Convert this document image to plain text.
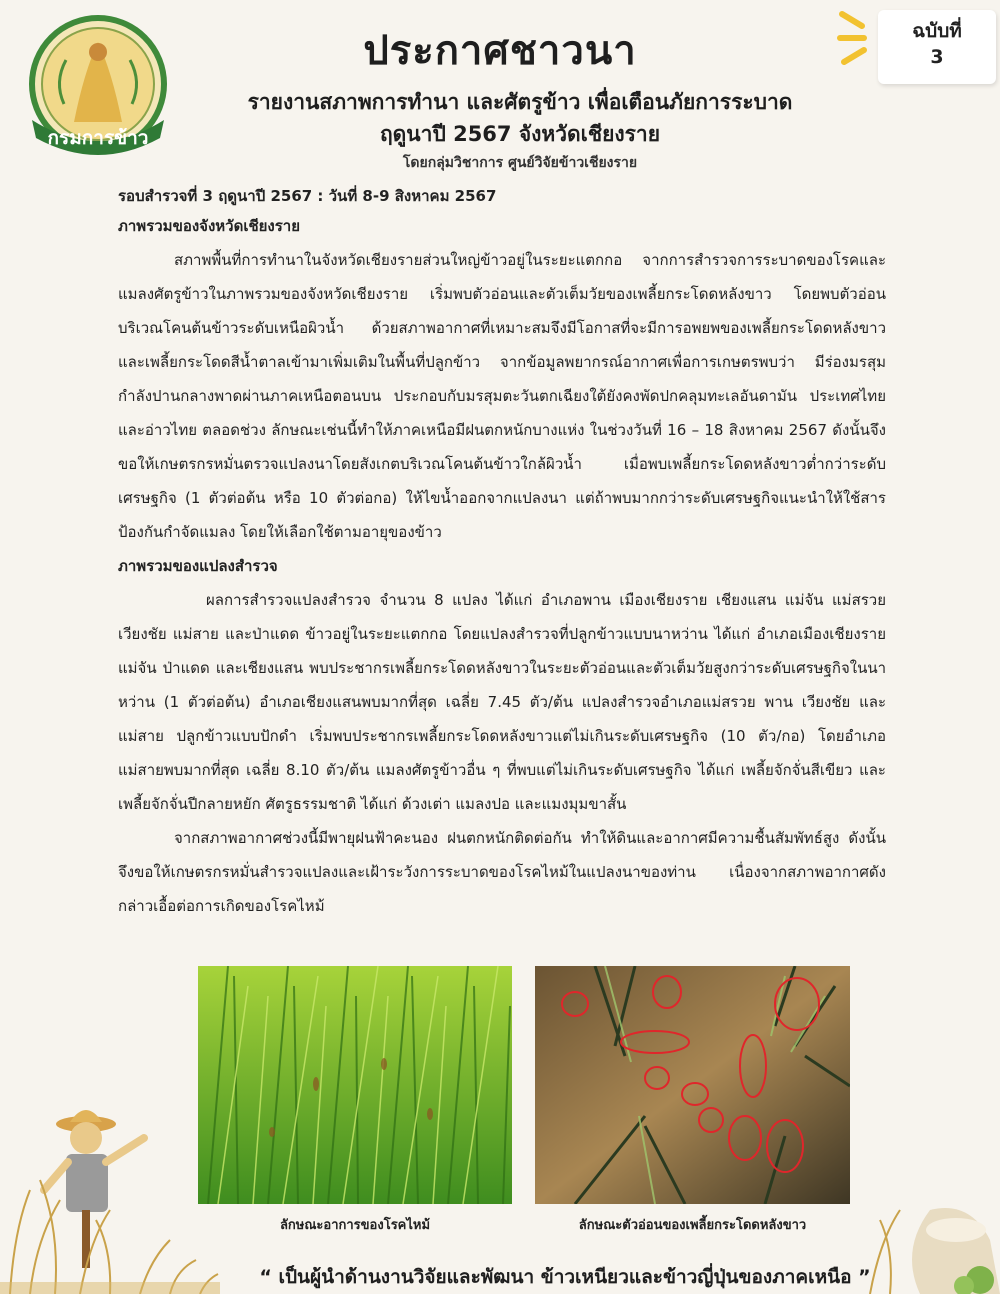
กรมการข้าว
ฉบับที่
3
ประกาศชาวนา
รายงานสภาพการทำนา และศัตรูข้าว เพื่อเตือนภัยการระบาด
ฤดูนาปี 2567 จังหวัดเชียงราย
โดยกลุ่มวิชาการ ศูนย์วิจัยข้าวเชียงราย
รอบสำรวจที่ 3 ฤดูนาปี 2567 : วันที่ 8-9 สิงหาคม 2567
ภาพรวมของจังหวัดเชียงราย

สภาพพื้นที่การทำนาในจังหวัดเชียงรายส่วนใหญ่ข้าวอยู่ในระยะแตกกอ จากการสำรวจการระบาดของโรคและแมลงศัตรูข้าวในภาพรวมของจังหวัดเชียงราย เริ่มพบตัวอ่อนและตัวเต็มวัยของเพลี้ยกระโดดหลังขาว โดยพบตัวอ่อนบริเวณโคนต้นข้าวระดับเหนือผิวน้ำ ด้วยสภาพอากาศที่เหมาะสมจึงมีโอกาสที่จะมีการอพยพของเพลี้ยกระโดดหลังขาวและเพลี้ยกระโดดสีน้ำตาลเข้ามาเพิ่มเติมในพื้นที่ปลูกข้าว จากข้อมูลพยากรณ์อากาศเพื่อการเกษตรพบว่า มีร่องมรสุมกำลังปานกลางพาดผ่านภาคเหนือตอนบน ประกอบกับมรสุมตะวันตกเฉียงใต้ยังคงพัดปกคลุมทะเลอันดามัน ประเทศไทย และอ่าวไทย ตลอดช่วง ลักษณะเช่นนี้ทำให้ภาคเหนือมีฝนตกหนักบางแห่ง ในช่วงวันที่ 16 – 18 สิงหาคม 2567 ดังนั้นจึงขอให้เกษตรกรหมั่นตรวจแปลงนาโดยสังเกตบริเวณโคนต้นข้าวใกล้ผิวน้ำ เมื่อพบเพลี้ยกระโดดหลังขาวต่ำกว่าระดับเศรษฐกิจ (1 ตัวต่อต้น หรือ 10 ตัวต่อกอ) ให้ไขน้ำออกจากแปลงนา แต่ถ้าพบมากกว่าระดับเศรษฐกิจแนะนำให้ใช้สารป้องกันกำจัดแมลง โดยให้เลือกใช้ตามอายุของข้าว

ภาพรวมของแปลงสำรวจ

ผลการสำรวจแปลงสำรวจ จำนวน 8 แปลง ได้แก่ อำเภอพาน เมืองเชียงราย เชียงแสน แม่จัน แม่สรวย เวียงชัย แม่สาย และป่าแดด ข้าวอยู่ในระยะแตกกอ โดยแปลงสำรวจที่ปลูกข้าวแบบนาหว่าน ได้แก่ อำเภอเมืองเชียงราย แม่จัน ป่าแดด และเชียงแสน พบประชากรเพลี้ยกระโดดหลังขาวในระยะตัวอ่อนและตัวเต็มวัยสูงกว่าระดับเศรษฐกิจในนาหว่าน (1 ตัวต่อต้น) อำเภอเชียงแสนพบมากที่สุด เฉลี่ย 7.45 ตัว/ต้น แปลงสำรวจอำเภอแม่สรวย พาน เวียงชัย และแม่สาย ปลูกข้าวแบบปักดำ เริ่มพบประชากรเพลี้ยกระโดดหลังขาวแต่ไม่เกินระดับเศรษฐกิจ (10 ตัว/กอ) โดยอำเภอแม่สายพบมากที่สุด เฉลี่ย 8.10 ตัว/ต้น แมลงศัตรูข้าวอื่น ๆ ที่พบแต่ไม่เกินระดับเศรษฐกิจ ได้แก่ เพลี้ยจักจั่นสีเขียว และเพลี้ยจักจั่นปีกลายหยัก ศัตรูธรรมชาติ ได้แก่ ด้วงเต่า แมลงปอ และแมงมุมขาสั้น

จากสภาพอากาศช่วงนี้มีพายุฝนฟ้าคะนอง ฝนตกหนักติดต่อกัน ทำให้ดินและอากาศมีความชื้นสัมพัทธ์สูง ดังนั้นจึงขอให้เกษตรกรหมั่นสำรวจแปลงและเฝ้าระวังการระบาดของโรคไหม้ในแปลงนาของท่าน เนื่องจากสภาพอากาศดังกล่าวเอื้อต่อการเกิดของโรคไหม้

ลักษณะอาการของโรคไหม้	ลักษณะตัวอ่อนของเพลี้ยกระโดดหลังขาว
“ เป็นผู้นำด้านงานวิจัยและพัฒนา ข้าวเหนียวและข้าวญี่ปุ่นของภาคเหนือ ”
